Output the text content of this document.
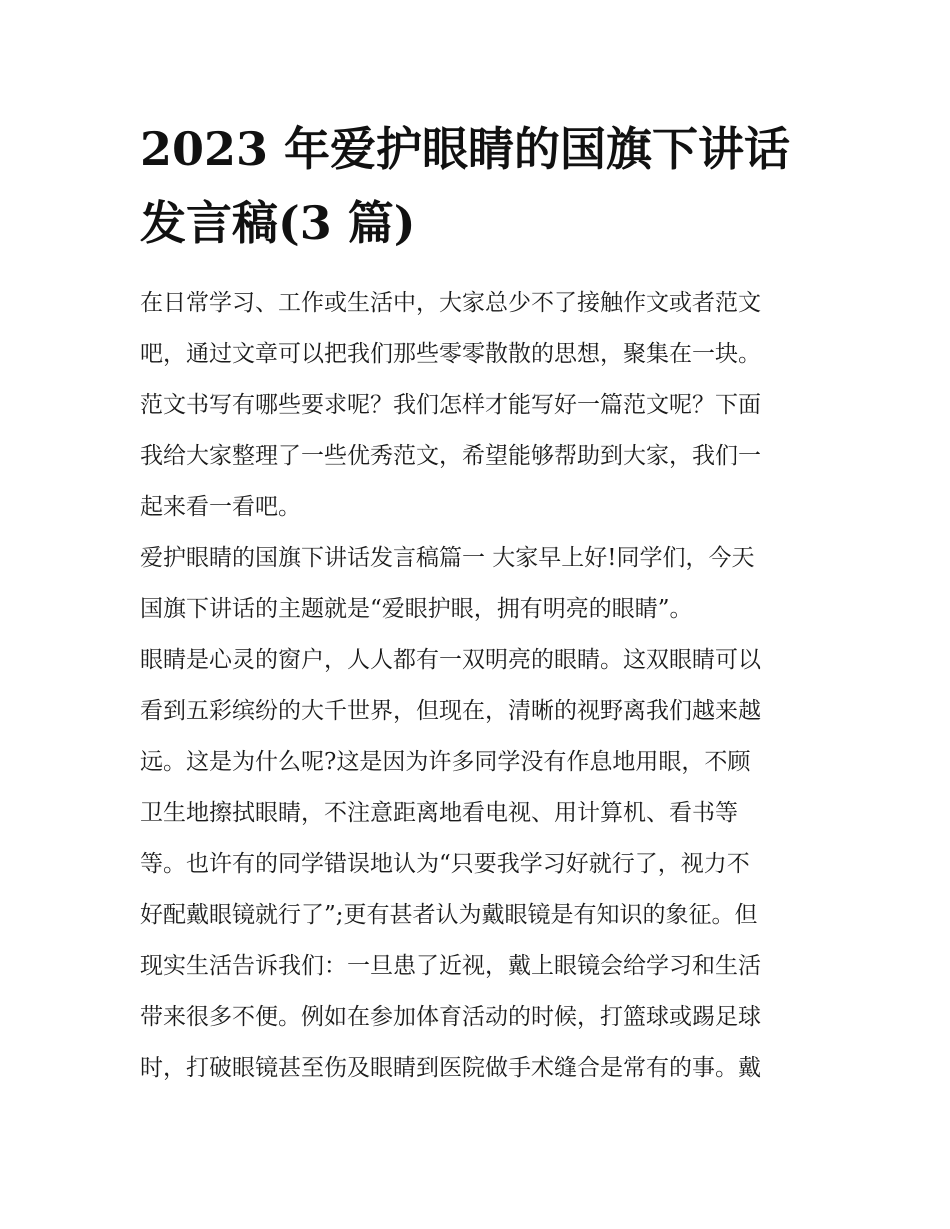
2023 年爱护眼睛的国旗下讲话
发言稿(3 篇)

在日常学习、工作或生活中，大家总少不了接触作文或者范文
吧，通过文章可以把我们那些零零散散的思想，聚集在一块。
范文书写有哪些要求呢？我们怎样才能写好一篇范文呢？下面
我给大家整理了一些优秀范文，希望能够帮助到大家，我们一
起来看一看吧。

爱护眼睛的国旗下讲话发言稿篇一 大家早上好!同学们，今天
国旗下讲话的主题就是“爱眼护眼，拥有明亮的眼睛”。

眼睛是心灵的窗户，人人都有一双明亮的眼睛。这双眼睛可以
看到五彩缤纷的大千世界，但现在，清晰的视野离我们越来越
远。这是为什么呢?这是因为许多同学没有作息地用眼，不顾
卫生地擦拭眼睛，不注意距离地看电视、用计算机、看书等
等。也许有的同学错误地认为“只要我学习好就行了，视力不
好配戴眼镜就行了”;更有甚者认为戴眼镜是有知识的象征。但
现实生活告诉我们：一旦患了近视，戴上眼镜会给学习和生活
带来很多不便。例如在参加体育活动的时候，打篮球或踢足球
时，打破眼镜甚至伤及眼睛到医院做手术缝合是常有的事。戴
